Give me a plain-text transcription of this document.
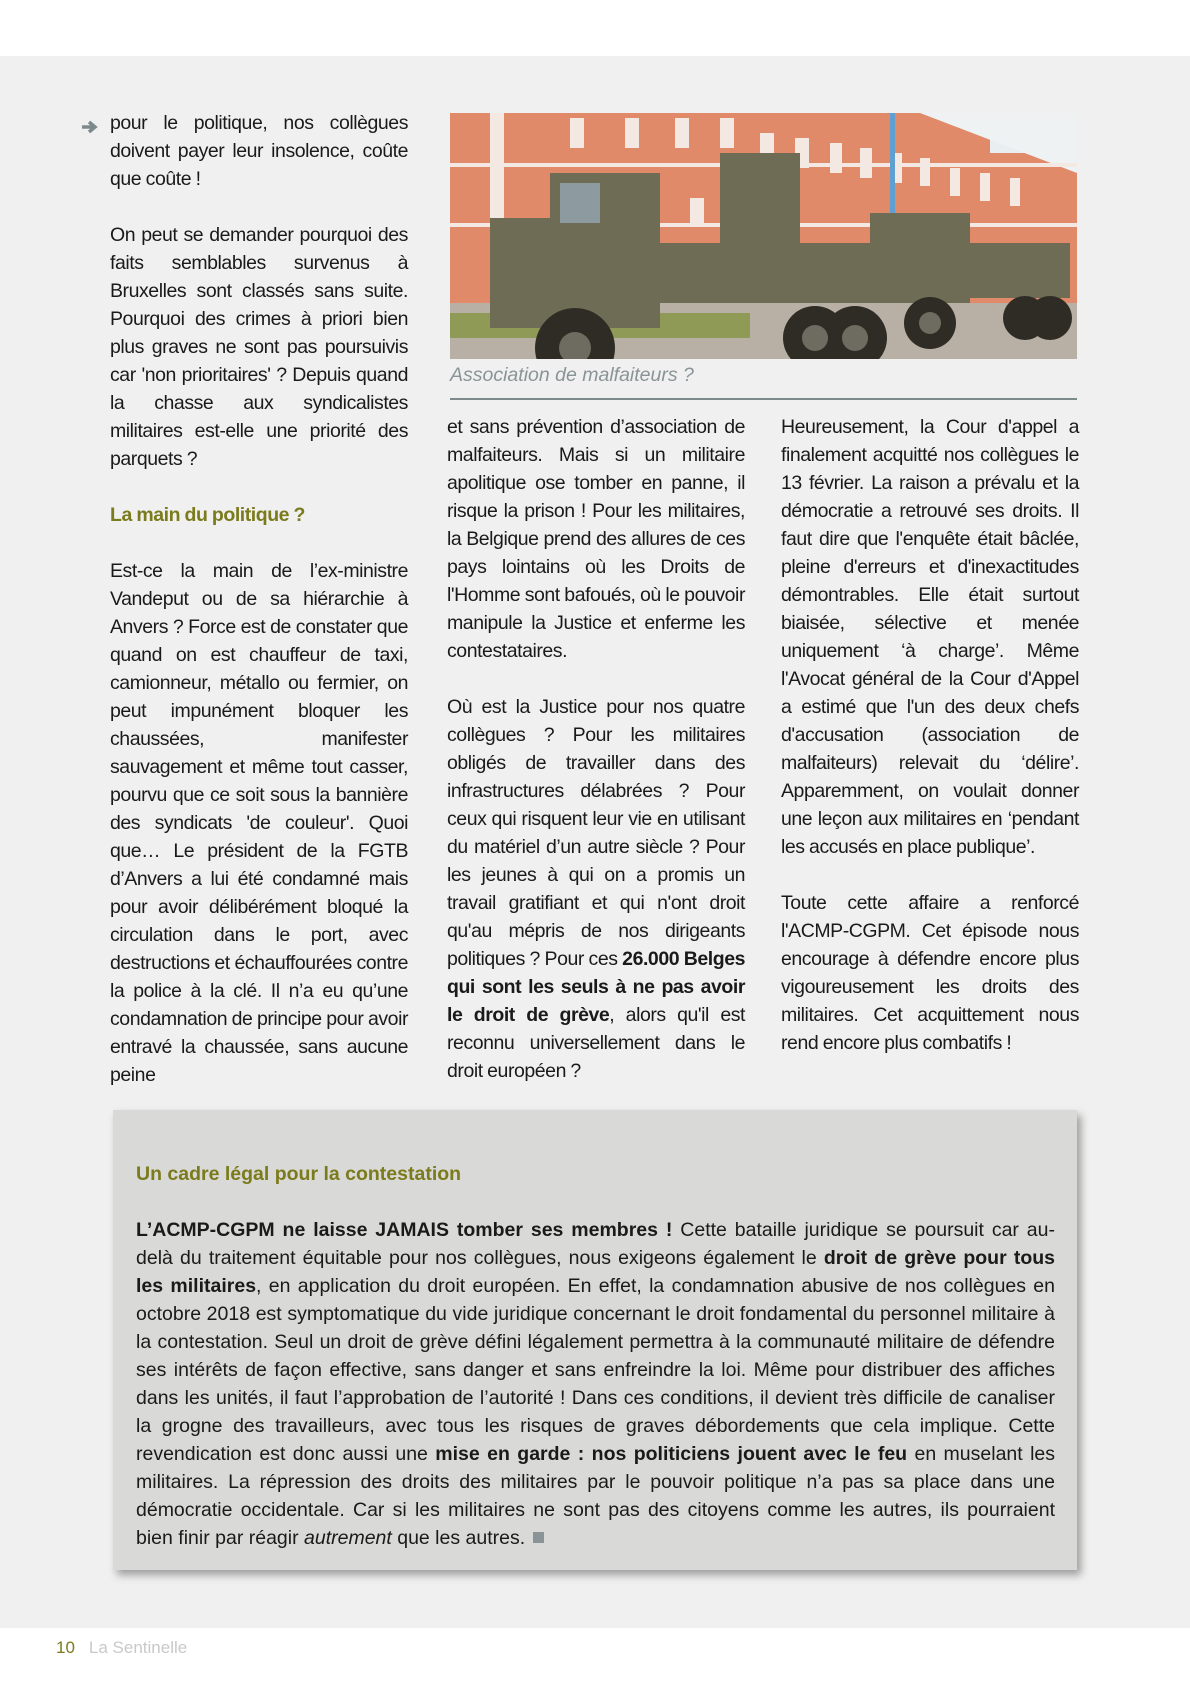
pour le politique, nos collègues doivent payer leur insolence, coûte que coûte !

On peut se demander pourquoi des faits semblables survenus à Bruxelles sont classés sans suite. Pourquoi des crimes à priori bien plus graves ne sont pas poursuivis car 'non prioritaires' ? Depuis quand la chasse aux syndicalistes militaires est-elle une priorité des parquets ?

La main du politique ?

Est-ce la main de l’ex-ministre Vandeput ou de sa hiérarchie à Anvers ? Force est de constater que quand on est chauffeur de taxi, camionneur, métallo ou fermier, on peut impunément bloquer les chaussées, manifester sauvagement et même tout casser, pourvu que ce soit sous la bannière des syndicats 'de couleur'. Quoi que… Le président de la FGTB d’Anvers a lui été condamné mais pour avoir délibérément bloqué la circulation dans le port, avec destructions et échauffourées contre la police à la clé. Il n’a eu qu’une condamnation de principe pour avoir entravé la chaussée, sans aucune peine

et sans prévention d’association de malfaiteurs. Mais si un militaire apolitique ose tomber en panne, il risque la prison ! Pour les militaires, la Belgique prend des allures de ces pays lointains où les Droits de l'Homme sont bafoués, où le pouvoir manipule la Justice et enferme les contestataires.

Où est la Justice pour nos quatre collègues ? Pour les militaires obligés de travailler dans des infrastructures délabrées ? Pour ceux qui risquent leur vie en utilisant du matériel d’un autre siècle ? Pour les jeunes à qui on a promis un travail gratifiant et qui n'ont droit qu'au mépris de nos dirigeants politiques ? Pour ces 26.000 Belges qui sont les seuls à ne pas avoir le droit de grève, alors qu'il est reconnu universellement dans le droit européen ?

Heureusement, la Cour d'appel a finalement acquitté nos collègues le 13 février. La raison a prévalu et la démocratie a retrouvé ses droits. Il faut dire que l'enquête était bâclée, pleine d'erreurs et d'inexactitudes démontrables. Elle était surtout biaisée, sélective et menée uniquement ‘à charge’. Même l'Avocat général de la Cour d'Appel a estimé que l'un des deux chefs d'accusation (association de malfaiteurs) relevait du ‘délire’. Apparemment, on voulait donner une leçon aux militaires en ‘pendant les accusés en place publique’.

Toute cette affaire a renforcé l'ACMP-CGPM. Cet épisode nous encourage à défendre encore plus vigoureusement les droits des militaires. Cet acquittement nous rend encore plus combatifs !

Association de malfaiteurs ?
Un cadre légal pour la contestation

L’ACMP-CGPM ne laisse JAMAIS tomber ses membres ! Cette bataille juridique se poursuit car au-delà du traitement équitable pour nos collègues, nous exigeons également le droit de grève pour tous les militaires, en application du droit européen. En effet, la condamnation abusive de nos collègues en octobre 2018 est symptomatique du vide juridique concernant le droit fondamental du personnel militaire à la contestation. Seul un droit de grève défini légalement permettra à la communauté militaire de défendre ses intérêts de façon effective, sans danger et sans enfreindre la loi. Même pour distribuer des affiches dans les unités, il faut l’approbation de l’autorité ! Dans ces conditions, il devient très difficile de canaliser la grogne des travailleurs, avec tous les risques de graves débordements que cela implique. Cette revendication est donc aussi une mise en garde : nos politiciens jouent avec le feu en muselant les militaires. La répression des droits des militaires par le pouvoir politique n’a pas sa place dans une démocratie occidentale. Car si les militaires ne sont pas des citoyens comme les autres, ils pourraient bien finir par réagir autrement que les autres.

10 La Sentinelle
